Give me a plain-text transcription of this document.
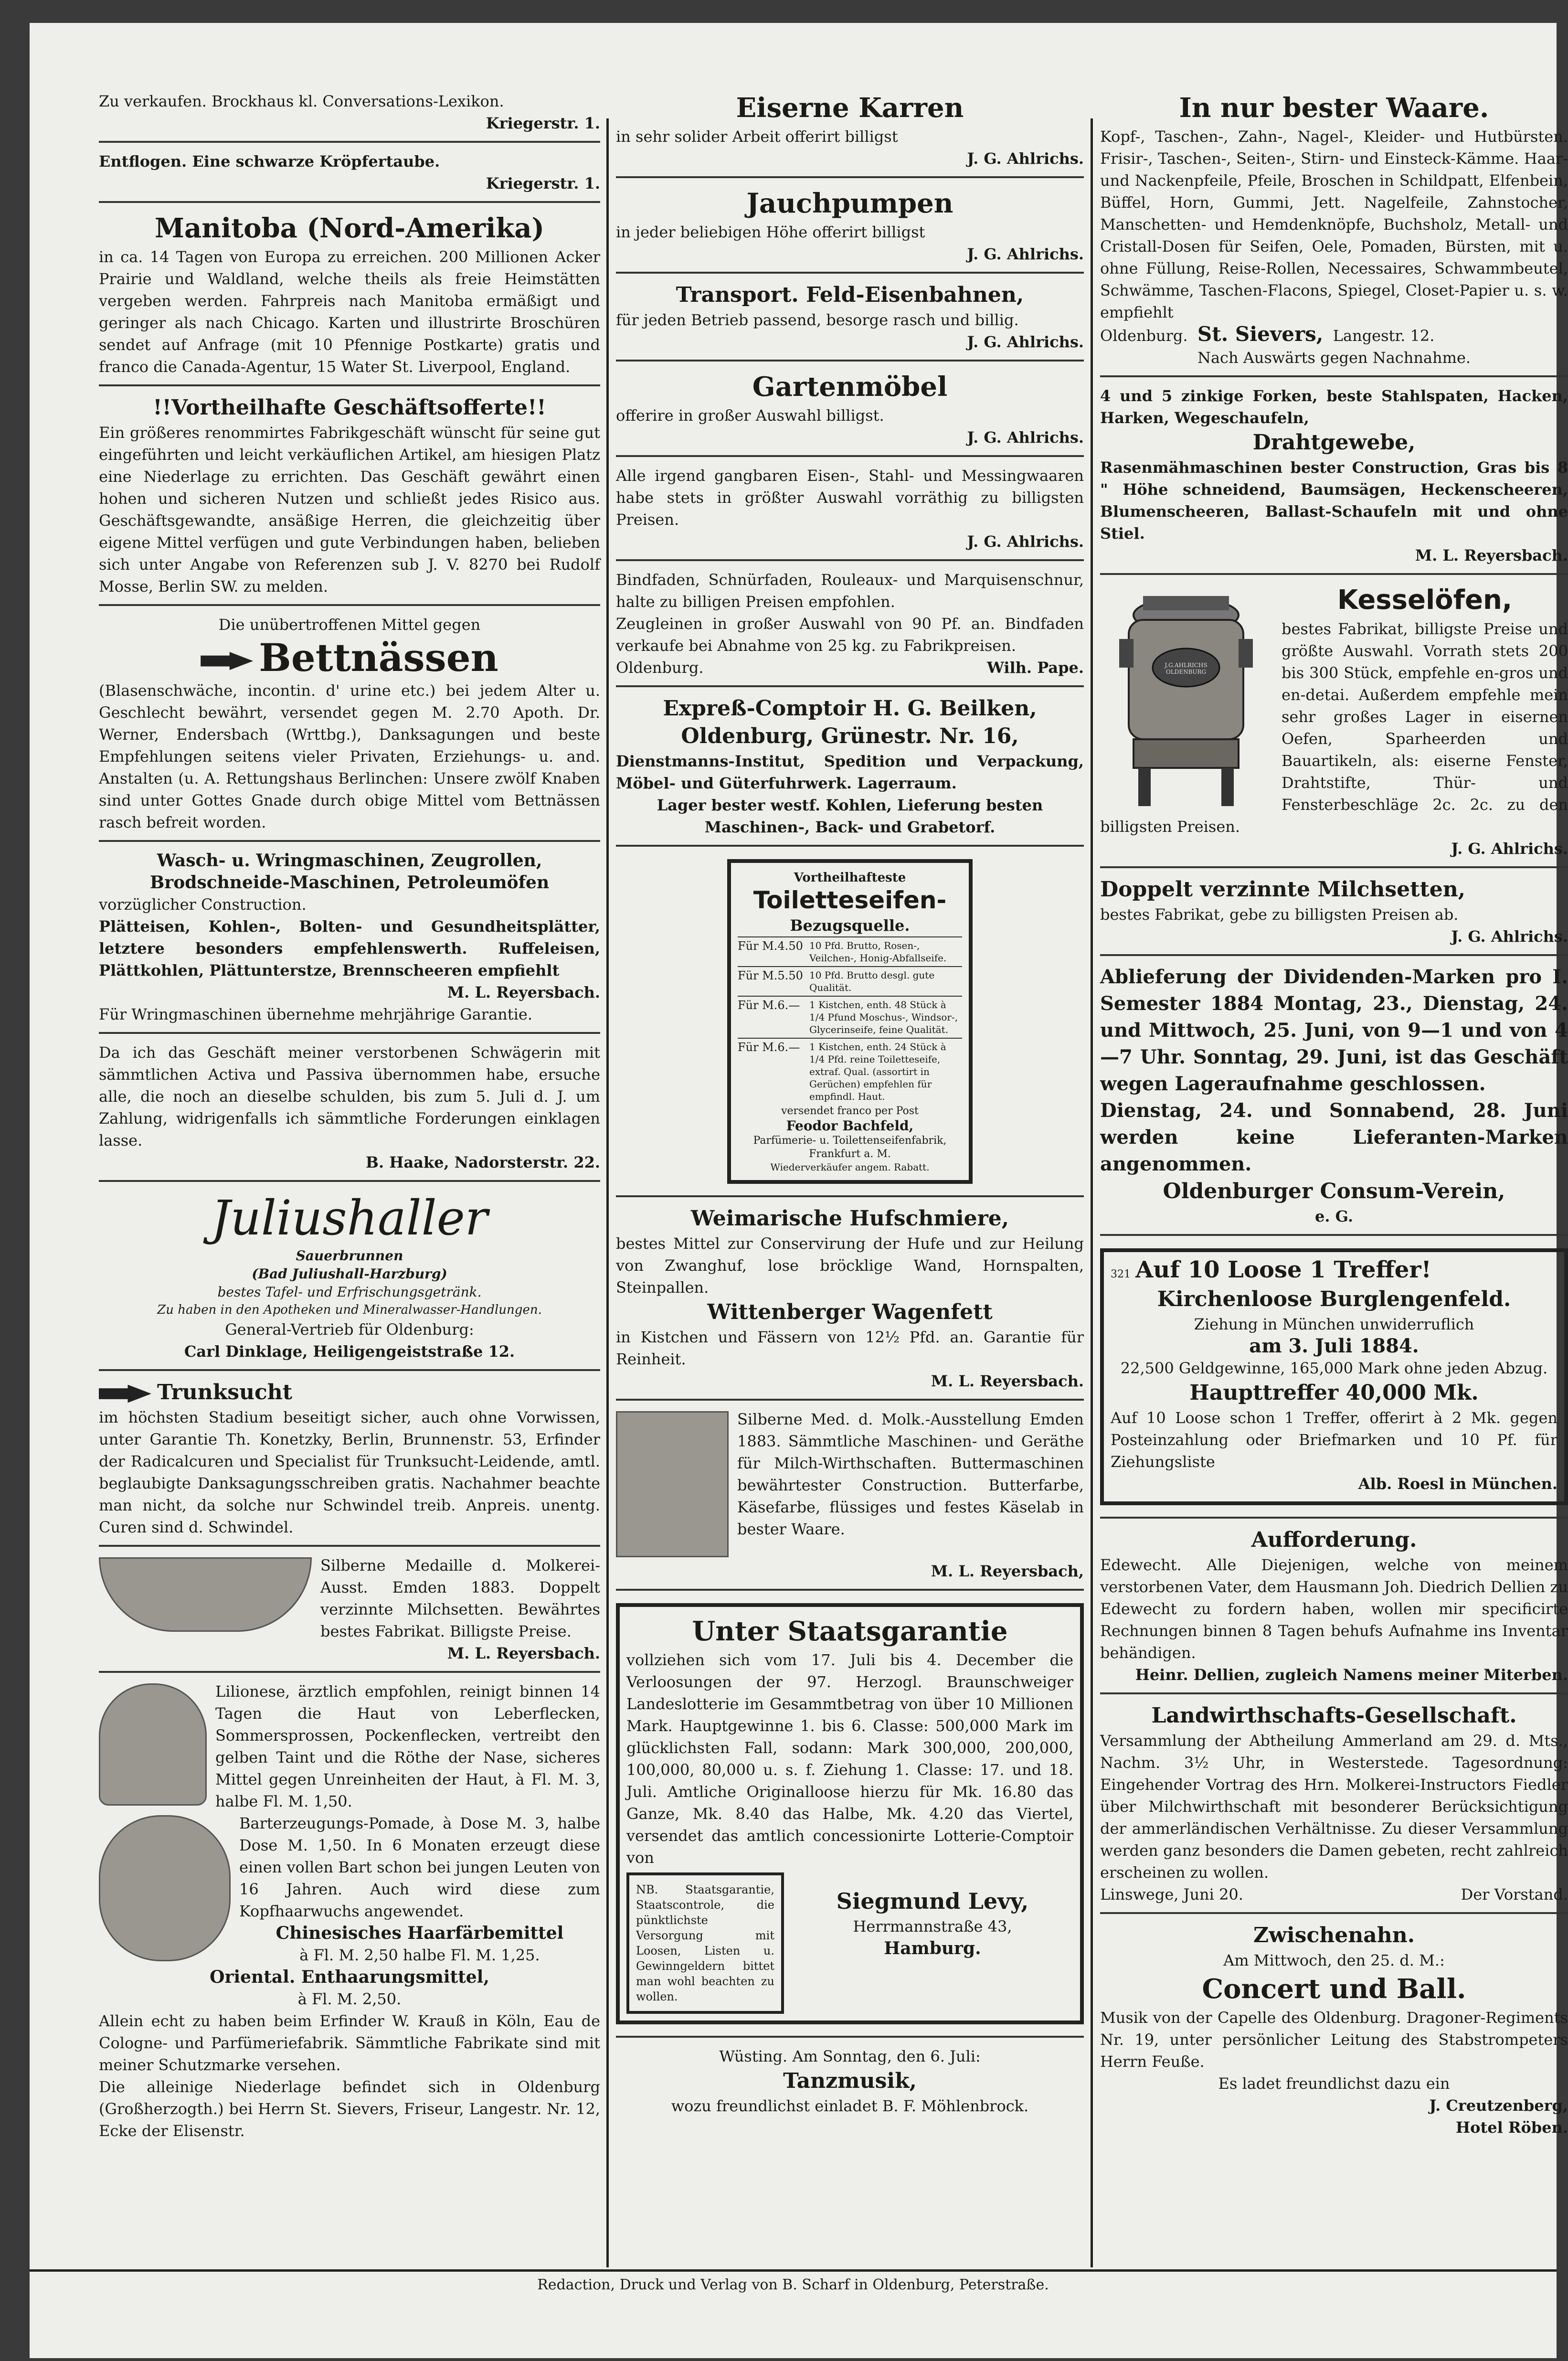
Zu verkaufen. Brockhaus kl. Conversations-Lexikon.

Kriegerstr. 1.

Entflogen. Eine schwarze Kröpfertaube.

Kriegerstr. 1.

Manitoba (Nord-Amerika)

in ca. 14 Tagen von Europa zu erreichen. 200 Millionen Acker Prairie und Waldland, welche theils als freie Heimstätten vergeben werden. Fahrpreis nach Manitoba ermäßigt und geringer als nach Chicago. Karten und illustrirte Broschüren sendet auf Anfrage (mit 10 Pfennige Postkarte) gratis und franco die Canada-Agentur, 15 Water St. Liverpool, England.

!!Vortheilhafte Geschäftsofferte!!

Ein größeres renommirtes Fabrikgeschäft wünscht für seine gut eingeführten und leicht verkäuflichen Artikel, am hiesigen Platz eine Niederlage zu errichten. Das Geschäft gewährt einen hohen und sicheren Nutzen und schließt jedes Risico aus. Geschäftsgewandte, ansäßige Herren, die gleichzeitig über eigene Mittel verfügen und gute Verbindungen haben, belieben sich unter Angabe von Referenzen sub J. V. 8270 bei Rudolf Mosse, Berlin SW. zu melden.

Die unübertroffenen Mittel gegen

Bettnässen

(Blasenschwäche, incontin. d' urine etc.) bei jedem Alter u. Geschlecht bewährt, versendet gegen M. 2.70 Apoth. Dr. Werner, Endersbach (Wrttbg.), Danksagungen und beste Empfehlungen seitens vieler Privaten, Erziehungs- u. and. Anstalten (u. A. Rettungshaus Berlinchen: Unsere zwölf Knaben sind unter Gottes Gnade durch obige Mittel vom Bettnässen rasch befreit worden.

Wasch- u. Wringmaschinen, Zeugrollen, Brodschneide-Maschinen, Petroleumöfen

vorzüglicher Construction.

Plätteisen, Kohlen-, Bolten- und Gesundheitsplätter, letztere besonders empfehlenswerth. Ruffeleisen, Plättkohlen, Plättunterstze, Brennscheeren empfiehlt

M. L. Reyersbach.

Für Wringmaschinen übernehme mehrjährige Garantie.

Da ich das Geschäft meiner verstorbenen Schwägerin mit sämmtlichen Activa und Passiva übernommen habe, ersuche alle, die noch an dieselbe schulden, bis zum 5. Juli d. J. um Zahlung, widrigenfalls ich sämmtliche Forderungen einklagen lasse.

B. Haake, Nadorsterstr. 22.

Juliushaller

Sauerbrunnen

(Bad Juliushall-Harzburg)

bestes Tafel- und Erfrischungsgetränk.

Zu haben in den Apotheken und Mineralwasser-Handlungen.

General-Vertrieb für Oldenburg:

Carl Dinklage, Heiligengeiststraße 12.

Trunksucht

im höchsten Stadium beseitigt sicher, auch ohne Vorwissen, unter Garantie Th. Konetzky, Berlin, Brunnenstr. 53, Erfinder der Radicalcuren und Specialist für Trunksucht-Leidende, amtl. beglaubigte Danksagungsschreiben gratis. Nachahmer beachte man nicht, da solche nur Schwindel treib. Anpreis. unentg. Curen sind d. Schwindel.

Silberne Medaille d. Molkerei-Ausst. Emden 1883. Doppelt verzinnte Milchsetten. Bewährtes bestes Fabrikat. Billigste Preise.

M. L. Reyersbach.

Lilionese, ärztlich empfohlen, reinigt binnen 14 Tagen die Haut von Leberflecken, Sommersprossen, Pockenflecken, vertreibt den gelben Taint und die Röthe der Nase, sicheres Mittel gegen Unreinheiten der Haut, à Fl. M. 3, halbe Fl. M. 1,50.

Barterzeugungs-Pomade, à Dose M. 3, halbe Dose M. 1,50. In 6 Monaten erzeugt diese einen vollen Bart schon bei jungen Leuten von 16 Jahren. Auch wird diese zum Kopfhaarwuchs angewendet.

Chinesisches Haarfärbemittel

à Fl. M. 2,50 halbe Fl. M. 1,25.

Oriental. Enthaarungsmittel,

à Fl. M. 2,50.

Allein echt zu haben beim Erfinder W. Krauß in Köln, Eau de Cologne- und Parfümeriefabrik. Sämmtliche Fabrikate sind mit meiner Schutzmarke versehen.

Die alleinige Niederlage befindet sich in Oldenburg (Großherzogth.) bei Herrn St. Sievers, Friseur, Langestr. Nr. 12, Ecke der Elisenstr.

Eiserne Karren

in sehr solider Arbeit offerirt billigst

J. G. Ahlrichs.

Jauchpumpen

in jeder beliebigen Höhe offerirt billigst

J. G. Ahlrichs.

Transport. Feld-Eisenbahnen,

für jeden Betrieb passend, besorge rasch und billig.

J. G. Ahlrichs.

Gartenmöbel

offerire in großer Auswahl billigst.

J. G. Ahlrichs.

Alle irgend gangbaren Eisen-, Stahl- und Messingwaaren habe stets in größter Auswahl vorräthig zu billigsten Preisen.

J. G. Ahlrichs.

Bindfaden, Schnürfaden, Rouleaux- und Marquisenschnur, halte zu billigen Preisen empfohlen.

Zeugleinen in großer Auswahl von 90 Pf. an. Bindfaden verkaufe bei Abnahme von 25 kg. zu Fabrikpreisen.

Oldenburg.	Wilh. Pape.

Expreß-Comptoir H. G. Beilken,
Oldenburg, Grünestr. Nr. 16,

Dienstmanns-Institut, Spedition und Verpackung, Möbel- und Güterfuhrwerk. Lagerraum.

Lager bester westf. Kohlen, Lieferung besten Maschinen-, Back- und Grabetorf.

Vortheilhafteste

Toiletteseifen-

Bezugsquelle.

Für M.4.50 10 Pfd. Brutto, Rosen-, Veilchen-, Honig-Abfallseife.
Für M.5.50 10 Pfd. Brutto desgl. gute Qualität.
Für M.6.— 1 Kistchen, enth. 48 Stück à 1/4 Pfund Moschus-, Windsor-, Glycerinseife, feine Qualität.
Für M.6.— 1 Kistchen, enth. 24 Stück à 1/4 Pfd. reine Toiletteseife, extraf. Qual. (assortirt in Gerüchen) empfehlen für empfindl. Haut.

versendet franco per Post

Feodor Bachfeld,

Parfümerie- u. Toilettenseifenfabrik, Frankfurt a. M.

Wiederverkäufer angem. Rabatt.

Weimarische Hufschmiere,

bestes Mittel zur Conservirung der Hufe und zur Heilung von Zwanghuf, lose bröcklige Wand, Hornspalten, Steinpallen.

Wittenberger Wagenfett

in Kistchen und Fässern von 12½ Pfd. an. Garantie für Reinheit.

M. L. Reyersbach.

Silberne Med. d. Molk.-Ausstellung Emden 1883. Sämmtliche Maschinen- und Geräthe für Milch-Wirthschaften. Buttermaschinen bewährtester Construction. Butterfarbe, Käsefarbe, flüssiges und festes Käselab in bester Waare.

M. L. Reyersbach,

Unter Staatsgarantie

vollziehen sich vom 17. Juli bis 4. December die Verloosungen der 97. Herzogl. Braunschweiger Landeslotterie im Gesammtbetrag von über 10 Millionen Mark. Hauptgewinne 1. bis 6. Classe: 500,000 Mark im glücklichsten Fall, sodann: Mark 300,000, 200,000, 100,000, 80,000 u. s. f. Ziehung 1. Classe: 17. und 18. Juli. Amtliche Originalloose hierzu für Mk. 16.80 das Ganze, Mk. 8.40 das Halbe, Mk. 4.20 das Viertel, versendet das amtlich concessionirte Lotterie-Comptoir von

NB. Staatsgarantie, Staatscontrole, die pünktlichste Versorgung mit Loosen, Listen u. Gewinngeldern bittet man wohl beachten zu wollen.

Siegmund Levy,

Herrmannstraße 43,

Hamburg.

Wüsting. Am Sonntag, den 6. Juli:

Tanzmusik,

wozu freundlichst einladet B. F. Möhlenbrock.

In nur bester Waare.

Kopf-, Taschen-, Zahn-, Nagel-, Kleider- und Hutbürsten. Frisir-, Taschen-, Seiten-, Stirn- und Einsteck-Kämme. Haar- und Nackenpfeile, Pfeile, Broschen in Schildpatt, Elfenbein, Büffel, Horn, Gummi, Jett. Nagelfeile, Zahnstocher, Manschetten- und Hemdenknöpfe, Buchsholz, Metall- und Cristall-Dosen für Seifen, Oele, Pomaden, Bürsten, mit u. ohne Füllung, Reise-Rollen, Necessaires, Schwammbeutel, Schwämme, Taschen-Flacons, Spiegel, Closet-Papier u. s. w. empfiehlt

Oldenburg. St. Sievers, Langestr. 12.

Nach Auswärts gegen Nachnahme.

4 und 5 zinkige Forken, beste Stahlspaten, Hacken, Harken, Wegeschaufeln,

Drahtgewebe,

Rasenmähmaschinen bester Construction, Gras bis 8 " Höhe schneidend, Baumsägen, Heckenscheeren, Blumenscheeren, Ballast-Schaufeln mit und ohne Stiel.

M. L. Reyersbach.

J.G.AHLRICHS OLDENBURG
Kesselöfen,

bestes Fabrikat, billigste Preise und größte Auswahl. Vorrath stets 200 bis 300 Stück, empfehle en-gros und en-detai. Außerdem empfehle mein sehr großes Lager in eisernen Oefen, Sparheerden und Bauartikeln, als: eiserne Fenster, Drahtstifte, Thür- und Fensterbeschläge 2c. 2c. zu den billigsten Preisen.

J. G. Ahlrichs.

Doppelt verzinnte Milchsetten,

bestes Fabrikat, gebe zu billigsten Preisen ab.

J. G. Ahlrichs.

Ablieferung der Dividenden-Marken pro I. Semester 1884 Montag, 23., Dienstag, 24. und Mittwoch, 25. Juni, von 9—1 und von 4—7 Uhr. Sonntag, 29. Juni, ist das Geschäft wegen Lageraufnahme geschlossen.

Dienstag, 24. und Sonnabend, 28. Juni werden keine Lieferanten-Marken angenommen.

Oldenburger Consum-Verein,

e. G.

321 Auf 10 Loose 1 Treffer!

Kirchenloose Burglengenfeld.

Ziehung in München unwiderruflich

am 3. Juli 1884.

22,500 Geldgewinne, 165,000 Mark ohne jeden Abzug.

Haupttreffer 40,000 Mk.

Auf 10 Loose schon 1 Treffer, offerirt à 2 Mk. gegen Posteinzahlung oder Briefmarken und 10 Pf. für Ziehungsliste

Alb. Roesl in München.

Aufforderung.

Edewecht. Alle Diejenigen, welche von meinem verstorbenen Vater, dem Hausmann Joh. Diedrich Dellien zu Edewecht zu fordern haben, wollen mir specificirte Rechnungen binnen 8 Tagen behufs Aufnahme ins Inventar behändigen.

Heinr. Dellien, zugleich Namens meiner Miterben.

Landwirthschafts-Gesellschaft.

Versammlung der Abtheilung Ammerland am 29. d. Mts., Nachm. 3½ Uhr, in Westerstede. Tagesordnung: Eingehender Vortrag des Hrn. Molkerei-Instructors Fiedler über Milchwirthschaft mit besonderer Berücksichtigung der ammerländischen Verhältnisse. Zu dieser Versammlung werden ganz besonders die Damen gebeten, recht zahlreich erscheinen zu wollen.

Linswege, Juni 20.	Der Vorstand.

Zwischenahn.

Am Mittwoch, den 25. d. M.:

Concert und Ball.

Musik von der Capelle des Oldenburg. Dragoner-Regiments Nr. 19, unter persönlicher Leitung des Stabstrompeters Herrn Feuße.

Es ladet freundlichst dazu ein

J. Creutzenberg,

Hotel Röben.

Redaction, Druck und Verlag von B. Scharf in Oldenburg, Peterstraße.
